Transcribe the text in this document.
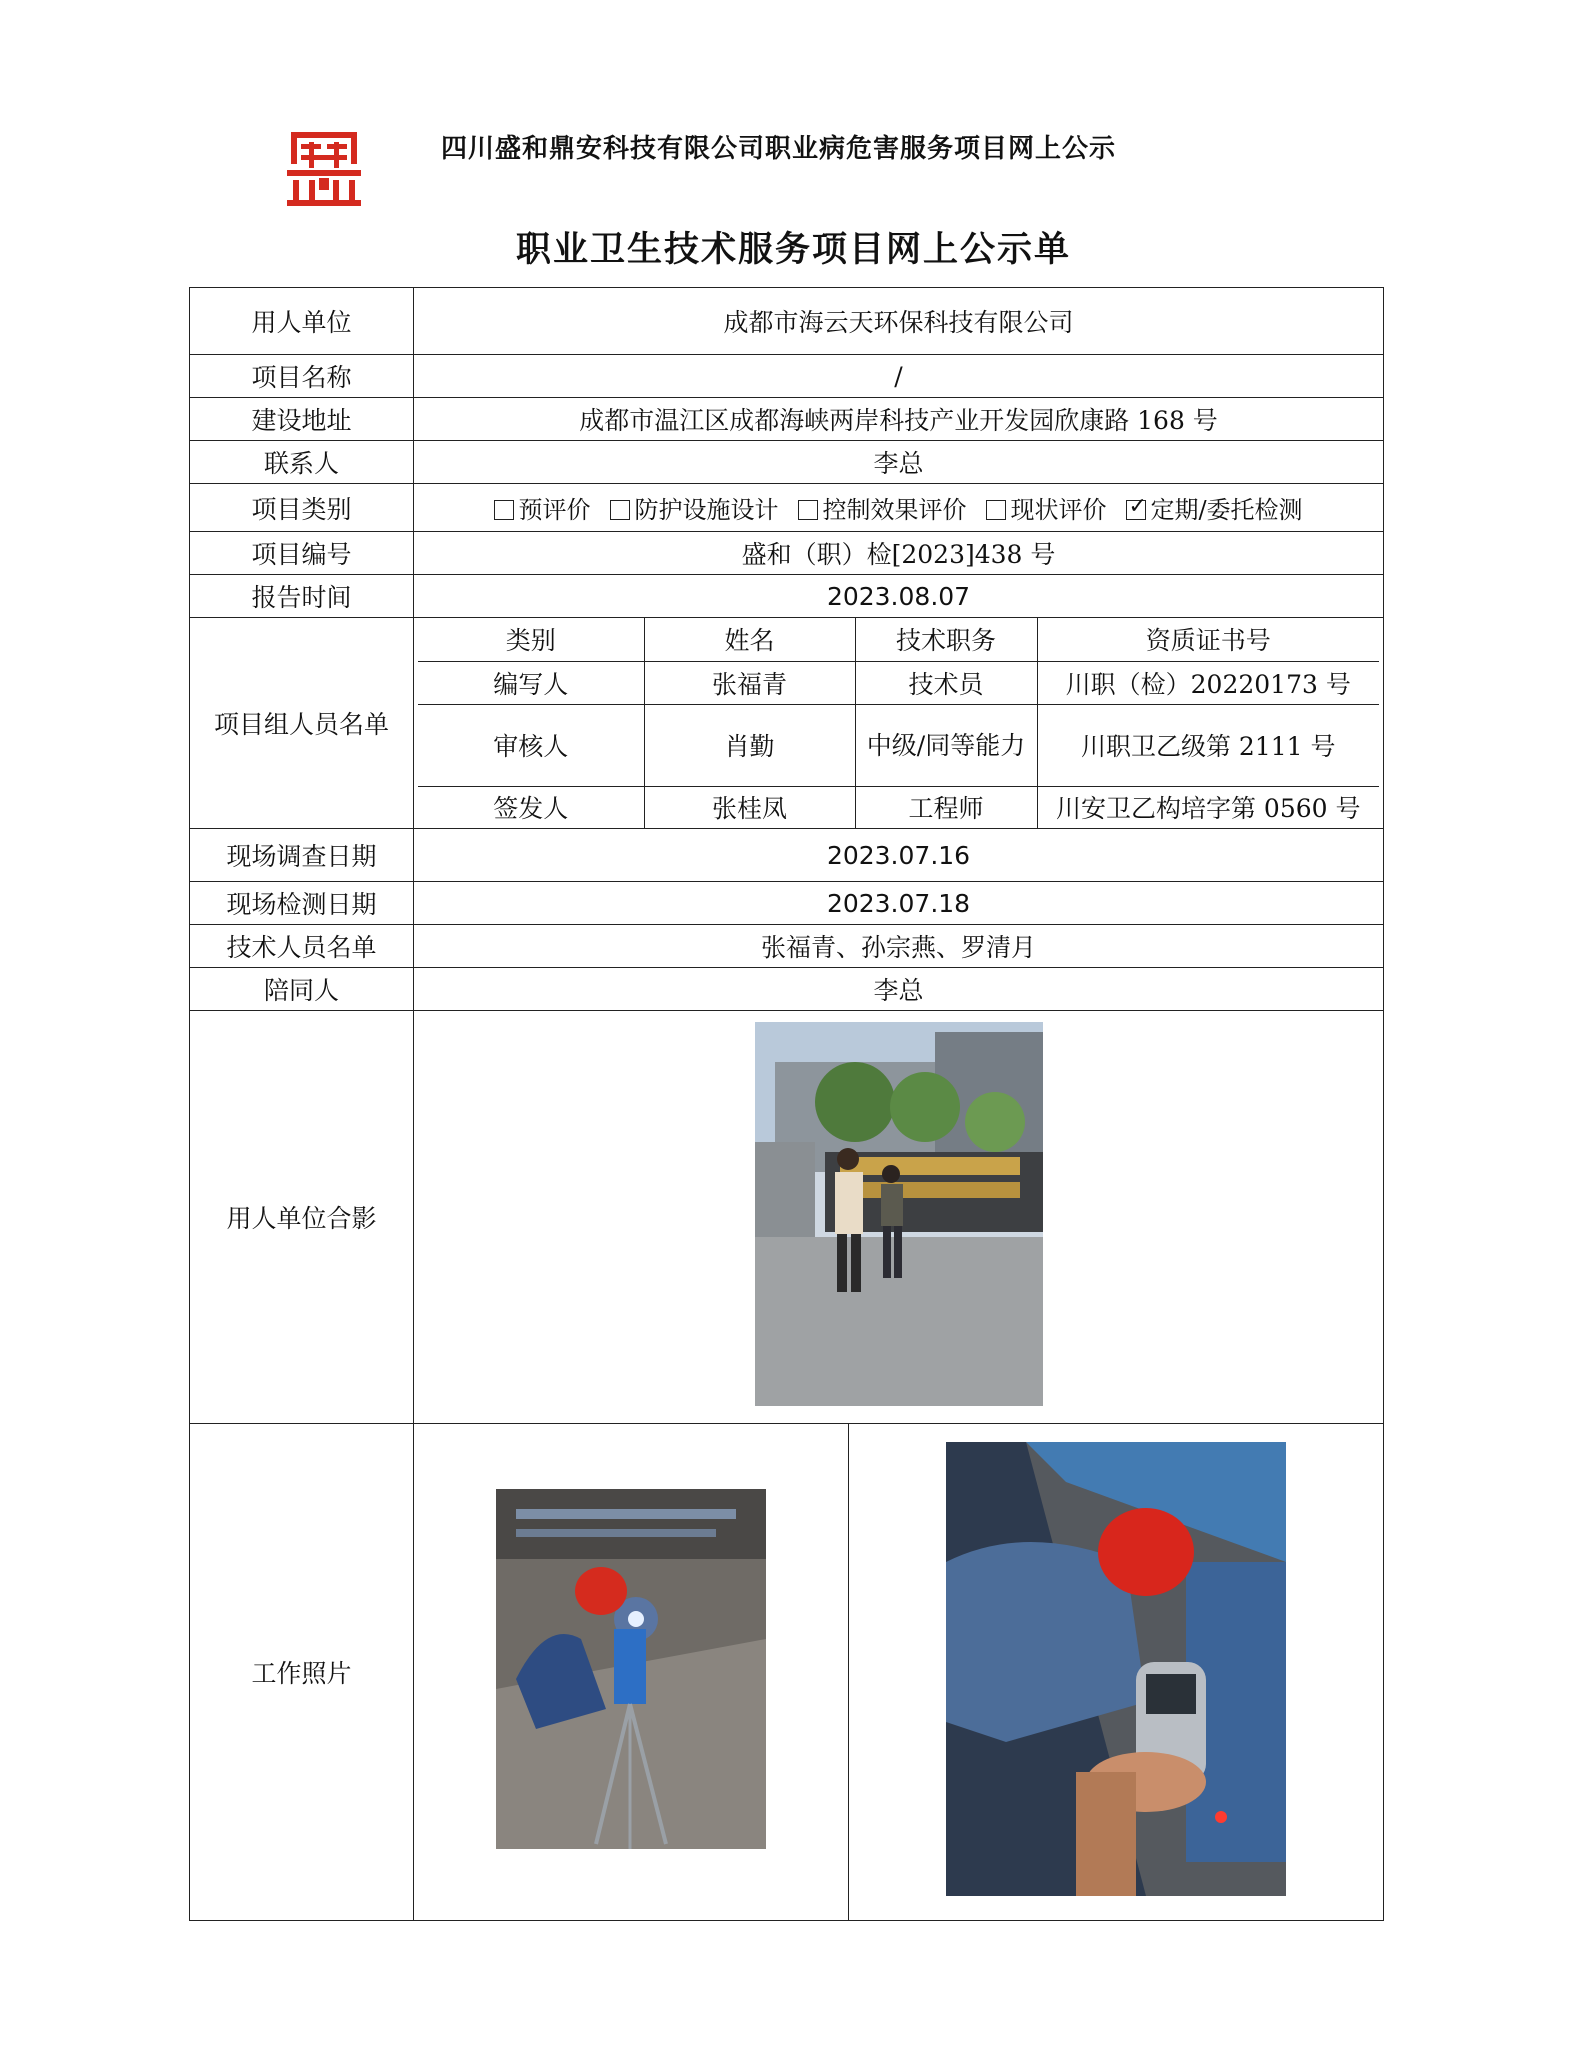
四川盛和鼎安科技有限公司职业病危害服务项目网上公示
职业卫生技术服务项目网上公示单
用人单位	成都市海云天环保科技有限公司
项目名称	/
建设地址	成都市温江区成都海峡两岸科技产业开发园欣康路 168 号
联系人	李总
项目类别	预评价 防护设施设计 控制效果评价 现状评价✓ 定期/委托检测
项目编号	盛和（职）检[2023]438 号
报告时间	2023.08.07
项目组人员名单	
类别	姓名	技术职务	资质证书号
编写人	张福青	技术员	川职（检）20220173 号
审核人	肖勤	中级/同等能力	川职卫乙级第 2111 号
签发人	张桂凤	工程师	川安卫乙构培字第 0560 号

现场调查日期	2023.07.16
现场检测日期	2023.07.18
技术人员名单	张福青、孙宗燕、罗清月
陪同人	李总
用人单位合影	
工作照片		
